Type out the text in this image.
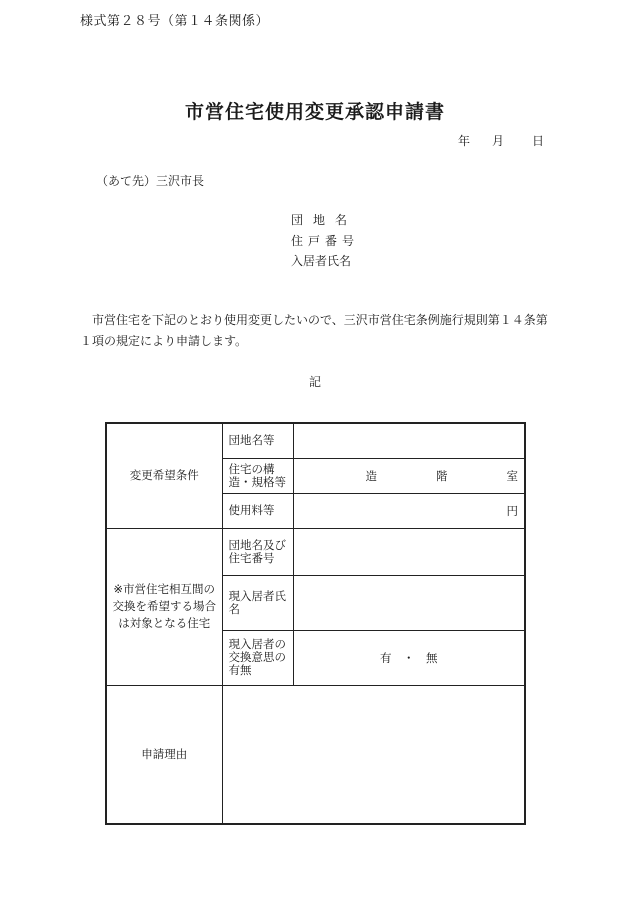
様式第２８号（第１４条関係）
市営住宅使用変更承認申請書
年 月 日
（あて先）三沢市長
団地名
住戸番号
入居者氏名
市営住宅を下記のとおり使用変更したいので、三沢市営住宅条例施行規則第１４条第１項の規定により申請します。
記
変更希望条件	団地名等	
	住宅の構造・規格等	造 階 室

	使用料等	円
※市営住宅相互間の交換を希望する場合は対象となる住宅	団地名及び住宅番号	
	現入居者氏名	
	現入居者の交換意思の有無	有　・　無
申請理由		
